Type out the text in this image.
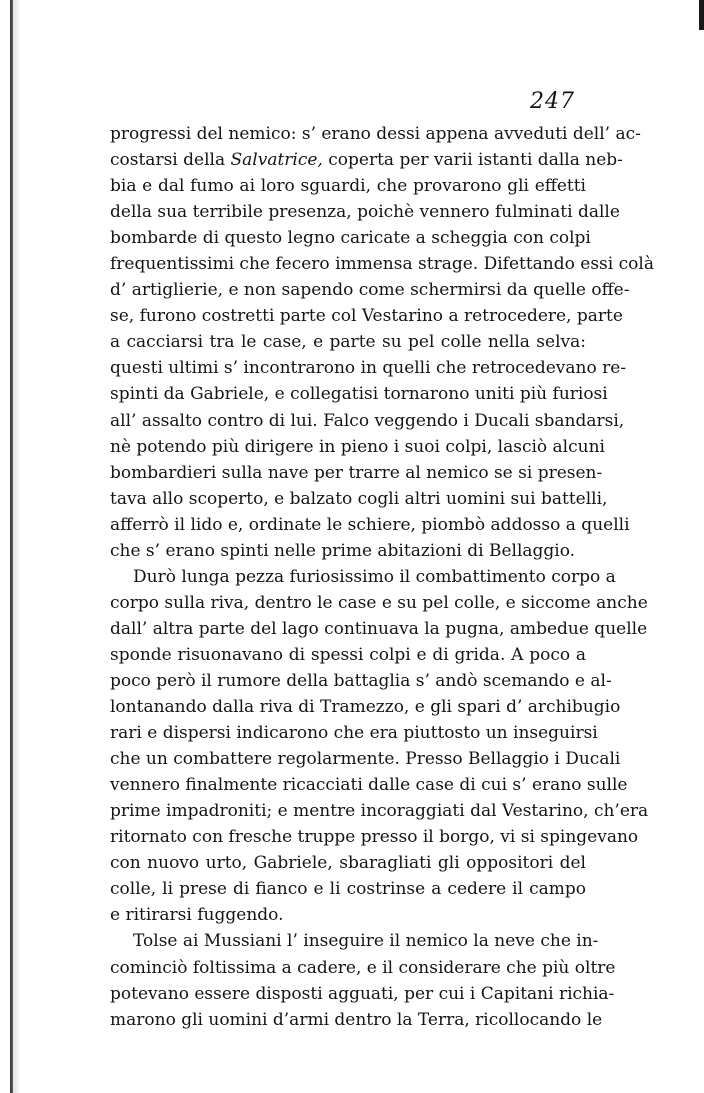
247
progressi del nemico: s’ erano dessi appena avveduti dell’ ac-
costarsi della Salvatrice, coperta per varii istanti dalla neb-
bia e dal fumo ai loro sguardi, che provarono gli effetti
della sua terribile presenza, poichè vennero fulminati dalle
bombarde di questo legno caricate a scheggia con colpi
frequentissimi che fecero immensa strage. Difettando essi colà
d’ artiglierie, e non sapendo come schermirsi da quelle offe-
se, furono costretti parte col Vestarino a retrocedere, parte
a cacciarsi tra le case, e parte su pel colle nella selva:
questi ultimi s’ incontrarono in quelli che retrocedevano re-
spinti da Gabriele, e collegatisi tornarono uniti più furiosi
all’ assalto contro di lui. Falco veggendo i Ducali sbandarsi,
nè potendo più dirigere in pieno i suoi colpi, lasciò alcuni
bombardieri sulla nave per trarre al nemico se si presen-
tava allo scoperto, e balzato cogli altri uomini sui battelli,
afferrò il lido e, ordinate le schiere, piombò addosso a quelli
che s’ erano spinti nelle prime abitazioni di Bellaggio.
Durò lunga pezza furiosissimo il combattimento corpo a
corpo sulla riva, dentro le case e su pel colle, e siccome anche
dall’ altra parte del lago continuava la pugna, ambedue quelle
sponde risuonavano di spessi colpi e di grida. A poco a
poco però il rumore della battaglia s’ andò scemando e al-
lontanando dalla riva di Tramezzo, e gli spari d’ archibugio
rari e dispersi indicarono che era piuttosto un inseguirsi
che un combattere regolarmente. Presso Bellaggio i Ducali
vennero finalmente ricacciati dalle case di cui s’ erano sulle
prime impadroniti; e mentre incoraggiati dal Vestarino, ch’era
ritornato con fresche truppe presso il borgo, vi si spingevano
con nuovo urto, Gabriele, sbaragliati gli oppositori del
colle, li prese di fianco e li costrinse a cedere il campo
e ritirarsi fuggendo.
Tolse ai Mussiani l’ inseguire il nemico la neve che in-
cominciò foltissima a cadere, e il considerare che più oltre
potevano essere disposti agguati, per cui i Capitani richia-
marono gli uomini d’armi dentro la Terra, ricollocando le
